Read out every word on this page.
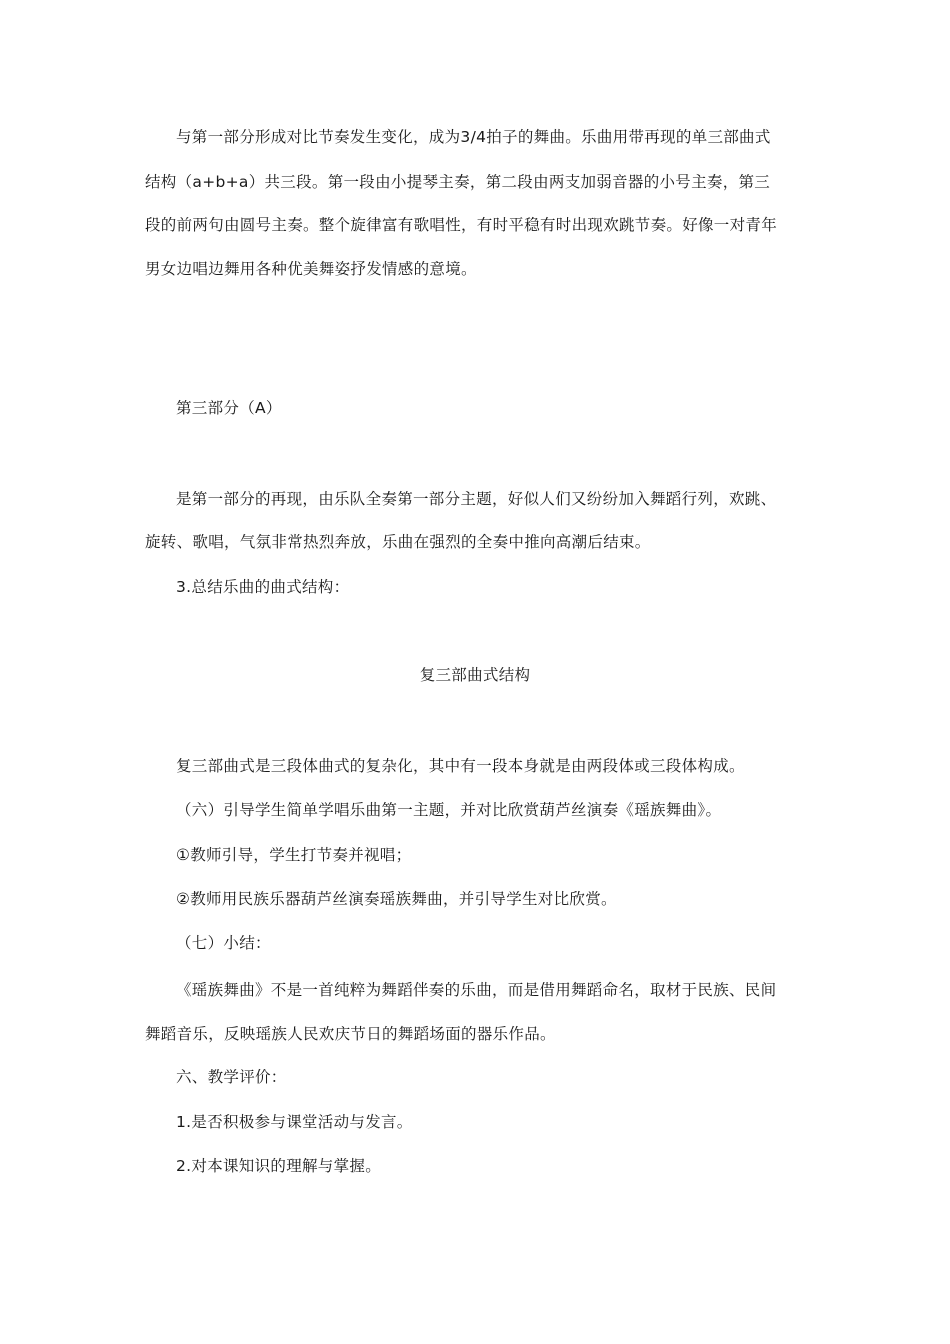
与第一部分形成对比节奏发生变化，成为3/4拍子的舞曲。乐曲用带再现的单三部曲式
结构（a+b+a）共三段。第一段由小提琴主奏，第二段由两支加弱音器的小号主奏，第三
段的前两句由圆号主奏。整个旋律富有歌唱性，有时平稳有时出现欢跳节奏。好像一对青年
男女边唱边舞用各种优美舞姿抒发情感的意境。
第三部分（A）
是第一部分的再现，由乐队全奏第一部分主题，好似人们又纷纷加入舞蹈行列，欢跳、
旋转、歌唱，气氛非常热烈奔放，乐曲在强烈的全奏中推向高潮后结束。
3.总结乐曲的曲式结构：
复三部曲式结构
复三部曲式是三段体曲式的复杂化，其中有一段本身就是由两段体或三段体构成。
（六）引导学生简单学唱乐曲第一主题，并对比欣赏葫芦丝演奏《瑶族舞曲》。
①教师引导，学生打节奏并视唱；
②教师用民族乐器葫芦丝演奏瑶族舞曲，并引导学生对比欣赏。
（七）小结：
《瑶族舞曲》不是一首纯粹为舞蹈伴奏的乐曲，而是借用舞蹈命名，取材于民族、民间
舞蹈音乐，反映瑶族人民欢庆节日的舞蹈场面的器乐作品。
六、教学评价：
1.是否积极参与课堂活动与发言。
2.对本课知识的理解与掌握。
